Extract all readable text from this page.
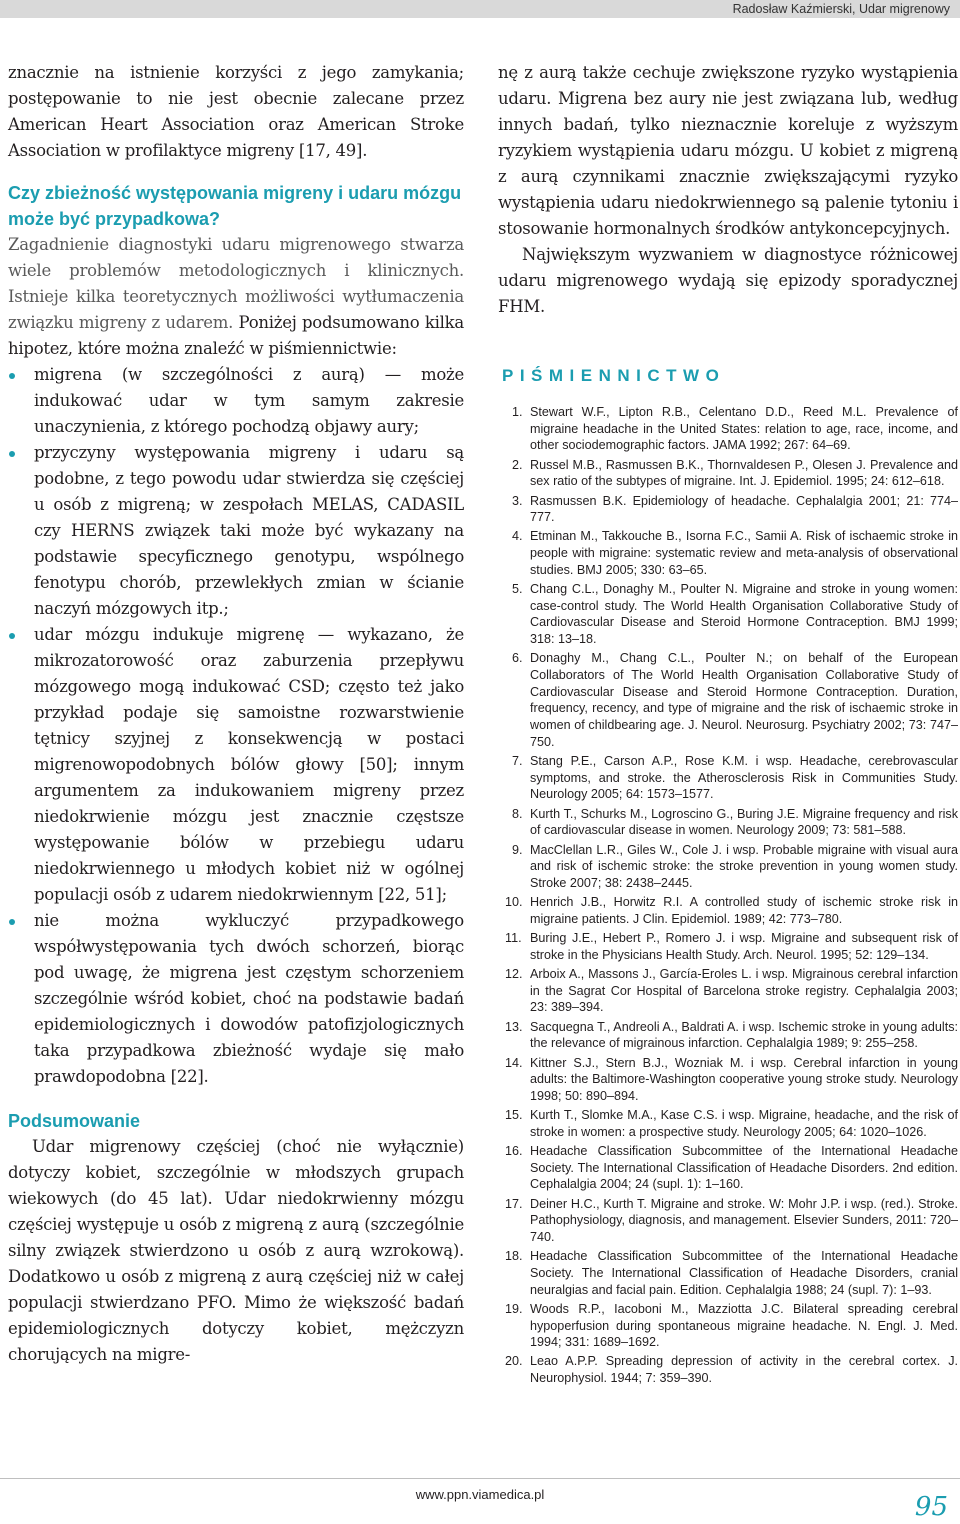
Radosław Kaźmierski, Udar migrenowy

znacznie na istnienie korzyści z jego zamykania; postępowanie to nie jest obecnie zalecane przez American Heart Association oraz American Stroke Association w profilaktyce migreny [17, 49].

Czy zbieżność występowania migreny i udaru mózgu może być przypadkowa?

Zagadnienie diagnostyki udaru migrenowego stwarza wiele problemów metodologicznych i klinicznych. Istnieje kilka teoretycznych możliwości wytłumaczenia związku migreny z udarem. Poniżej podsumowano kilka hipotez, które można znaleźć w piśmiennictwie:

migrena (w szczególności z aurą) — może indukować udar w tym samym zakresie unaczynienia, z którego pochodzą objawy aury;
przyczyny występowania migreny i udaru są podobne, z tego powodu udar stwierdza się częściej u osób z migreną; w zespołach MELAS, CADASIL czy HERNS związek taki może być wykazany na podstawie specyficznego genotypu, wspólnego fenotypu chorób, przewlekłych zmian w ścianie naczyń mózgowych itp.;
udar mózgu indukuje migrenę — wykazano, że mikrozatorowość oraz zaburzenia przepływu mózgowego mogą indukować CSD; często też jako przykład podaje się samoistne rozwarstwienie tętnicy szyjnej z konsekwencją w postaci migrenowopodobnych bólów głowy [50]; innym argumentem za indukowaniem migreny przez niedokrwienie mózgu jest znacznie częstsze występowanie bólów w przebiegu udaru niedokrwiennego u młodych kobiet niż w ogólnej populacji osób z udarem niedokrwiennym [22, 51];
nie można wykluczyć przypadkowego współwystępowania tych dwóch schorzeń, biorąc pod uwagę, że migrena jest częstym schorzeniem szczególnie wśród kobiet, choć na podstawie badań epidemiologicznych i dowodów patofizjologicznych taka przypadkowa zbieżność wydaje się mało prawdopodobna [22].
Podsumowanie

Udar migrenowy częściej (choć nie wyłącznie) dotyczy kobiet, szczególnie w młodszych grupach wiekowych (do 45 lat). Udar niedokrwienny mózgu częściej występuje u osób z migreną z aurą (szczególnie silny związek stwierdzono u osób z aurą wzrokową). Dodatkowo u osób z migreną z aurą częściej niż w całej populacji stwierdzano PFO. Mimo że większość badań epidemiologicznych dotyczy kobiet, mężczyzn chorujących na migre-

nę z aurą także cechuje zwiększone ryzyko wystąpienia udaru. Migrena bez aury nie jest związana lub, według innych badań, tylko nieznacznie koreluje z wyższym ryzykiem wystąpienia udaru mózgu. U kobiet z migreną z aurą czynnikami znacznie zwiększającymi ryzyko wystąpienia udaru niedokrwiennego są palenie tytoniu i stosowanie hormonalnych środków antykoncepcyjnych.

Największym wyzwaniem w diagnostyce różnicowej udaru migrenowego wydają się epizody sporadycznej FHM.

PIŚMIENNICTWO
1. Stewart W.F., Lipton R.B., Celentano D.D., Reed M.L. Prevalence of migraine headache in the United States: relation to age, race, income, and other sociodemographic factors. JAMA 1992; 267: 64–69.
2. Russel M.B., Rasmussen B.K., Thornvaldesen P., Olesen J. Prevalence and sex ratio of the subtypes of migraine. Int. J. Epidemiol. 1995; 24: 612–618.
3. Rasmussen B.K. Epidemiology of headache. Cephalalgia 2001; 21: 774–777.
4. Etminan M., Takkouche B., Isorna F.C., Samii A. Risk of ischaemic stroke in people with migraine: systematic review and meta-analysis of observational studies. BMJ 2005; 330: 63–65.
5. Chang C.L., Donaghy M., Poulter N. Migraine and stroke in young women: case-control study. The World Health Organisation Collaborative Study of Cardiovascular Disease and Steroid Hormone Contraception. BMJ 1999; 318: 13–18.
6. Donaghy M., Chang C.L., Poulter N.; on behalf of the European Collaborators of The World Health Organisation Collaborative Study of Cardiovascular Disease and Steroid Hormone Contraception. Duration, frequency, recency, and type of migraine and the risk of ischaemic stroke in women of childbearing age. J. Neurol. Neurosurg. Psychiatry 2002; 73: 747–750.
7. Stang P.E., Carson A.P., Rose K.M. i wsp. Headache, cerebrovascular symptoms, and stroke. the Atherosclerosis Risk in Communities Study. Neurology 2005; 64: 1573–1577.
8. Kurth T., Schurks M., Logroscino G., Buring J.E. Migraine frequency and risk of cardiovascular disease in women. Neurology 2009; 73: 581–588.
9. MacClellan L.R., Giles W., Cole J. i wsp. Probable migraine with visual aura and risk of ischemic stroke: the stroke prevention in young women study. Stroke 2007; 38: 2438–2445.
10. Henrich J.B., Horwitz R.I. A controlled study of ischemic stroke risk in migraine patients. J Clin. Epidemiol. 1989; 42: 773–780.
11. Buring J.E., Hebert P., Romero J. i wsp. Migraine and subsequent risk of stroke in the Physicians Health Study. Arch. Neurol. 1995; 52: 129–134.
12. Arboix A., Massons J., García-Eroles L. i wsp. Migrainous cerebral infarction in the Sagrat Cor Hospital of Barcelona stroke registry. Cephalalgia 2003; 23: 389–394.
13. Sacquegna T., Andreoli A., Baldrati A. i wsp. Ischemic stroke in young adults: the relevance of migrainous infarction. Cephalalgia 1989; 9: 255–258.
14. Kittner S.J., Stern B.J., Wozniak M. i wsp. Cerebral infarction in young adults: the Baltimore-Washington cooperative young stroke study. Neurology 1998; 50: 890–894.
15. Kurth T., Slomke M.A., Kase C.S. i wsp. Migraine, headache, and the risk of stroke in women: a prospective study. Neurology 2005; 64: 1020–1026.
16. Headache Classification Subcommittee of the International Headache Society. The International Classification of Headache Disorders. 2nd edition. Cephalalgia 2004; 24 (supl. 1): 1–160.
17. Deiner H.C., Kurth T. Migraine and stroke. W: Mohr J.P. i wsp. (red.). Stroke. Pathophysiology, diagnosis, and management. Elsevier Sunders, 2011: 720–740.
18. Headache Classification Subcommittee of the International Headache Society. The International Classification of Headache Disorders, cranial neuralgias and facial pain. Edition. Cephalalgia 1988; 24 (supl. 7): 1–93.
19. Woods R.P., Iacoboni M., Mazziotta J.C. Bilateral spreading cerebral hypoperfusion during spontaneous migraine headache. N. Engl. J. Med. 1994; 331: 1689–1692.
20. Leao A.P.P. Spreading depression of activity in the cerebral cortex. J. Neurophysiol. 1944; 7: 359–390.
www.ppn.viamedica.pl	95
